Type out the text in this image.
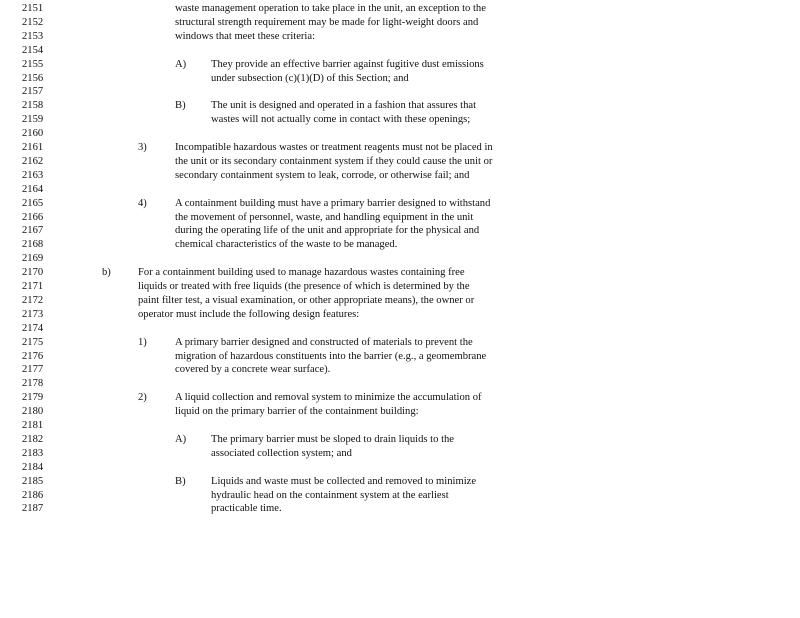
2151	waste management operation to take place in the unit, an exception to the
2152	structural strength requirement may be made for light-weight doors and
2153	windows that meet these criteria:
2154
2155	A) They provide an effective barrier against fugitive dust emissions
2156	under subsection (c)(1)(D) of this Section; and
2157
2158	B) The unit is designed and operated in a fashion that assures that
2159	wastes will not actually come in contact with these openings;
2160
2161	3)	Incompatible hazardous wastes or treatment reagents must not be placed in
2162	the unit or its secondary containment system if they could cause the unit or
2163	secondary containment system to leak, corrode, or otherwise fail; and
2164
2165	4)	A containment building must have a primary barrier designed to withstand
2166	the movement of personnel, waste, and handling equipment in the unit
2167	during the operating life of the unit and appropriate for the physical and
2168	chemical characteristics of the waste to be managed.
2169
2170	b)	For a containment building used to manage hazardous wastes containing free
2171	liquids or treated with free liquids (the presence of which is determined by the
2172	paint filter test, a visual examination, or other appropriate means), the owner or
2173	operator must include the following design features:
2174
2175	1)	A primary barrier designed and constructed of materials to prevent the
2176	migration of hazardous constituents into the barrier (e.g., a geomembrane
2177	covered by a concrete wear surface).
2178
2179	2)	A liquid collection and removal system to minimize the accumulation of
2180	liquid on the primary barrier of the containment building:
2181
2182	A) The primary barrier must be sloped to drain liquids to the
2183	associated collection system; and
2184
2185	B) Liquids and waste must be collected and removed to minimize
2186	hydraulic head on the containment system at the earliest
2187	practicable time.
